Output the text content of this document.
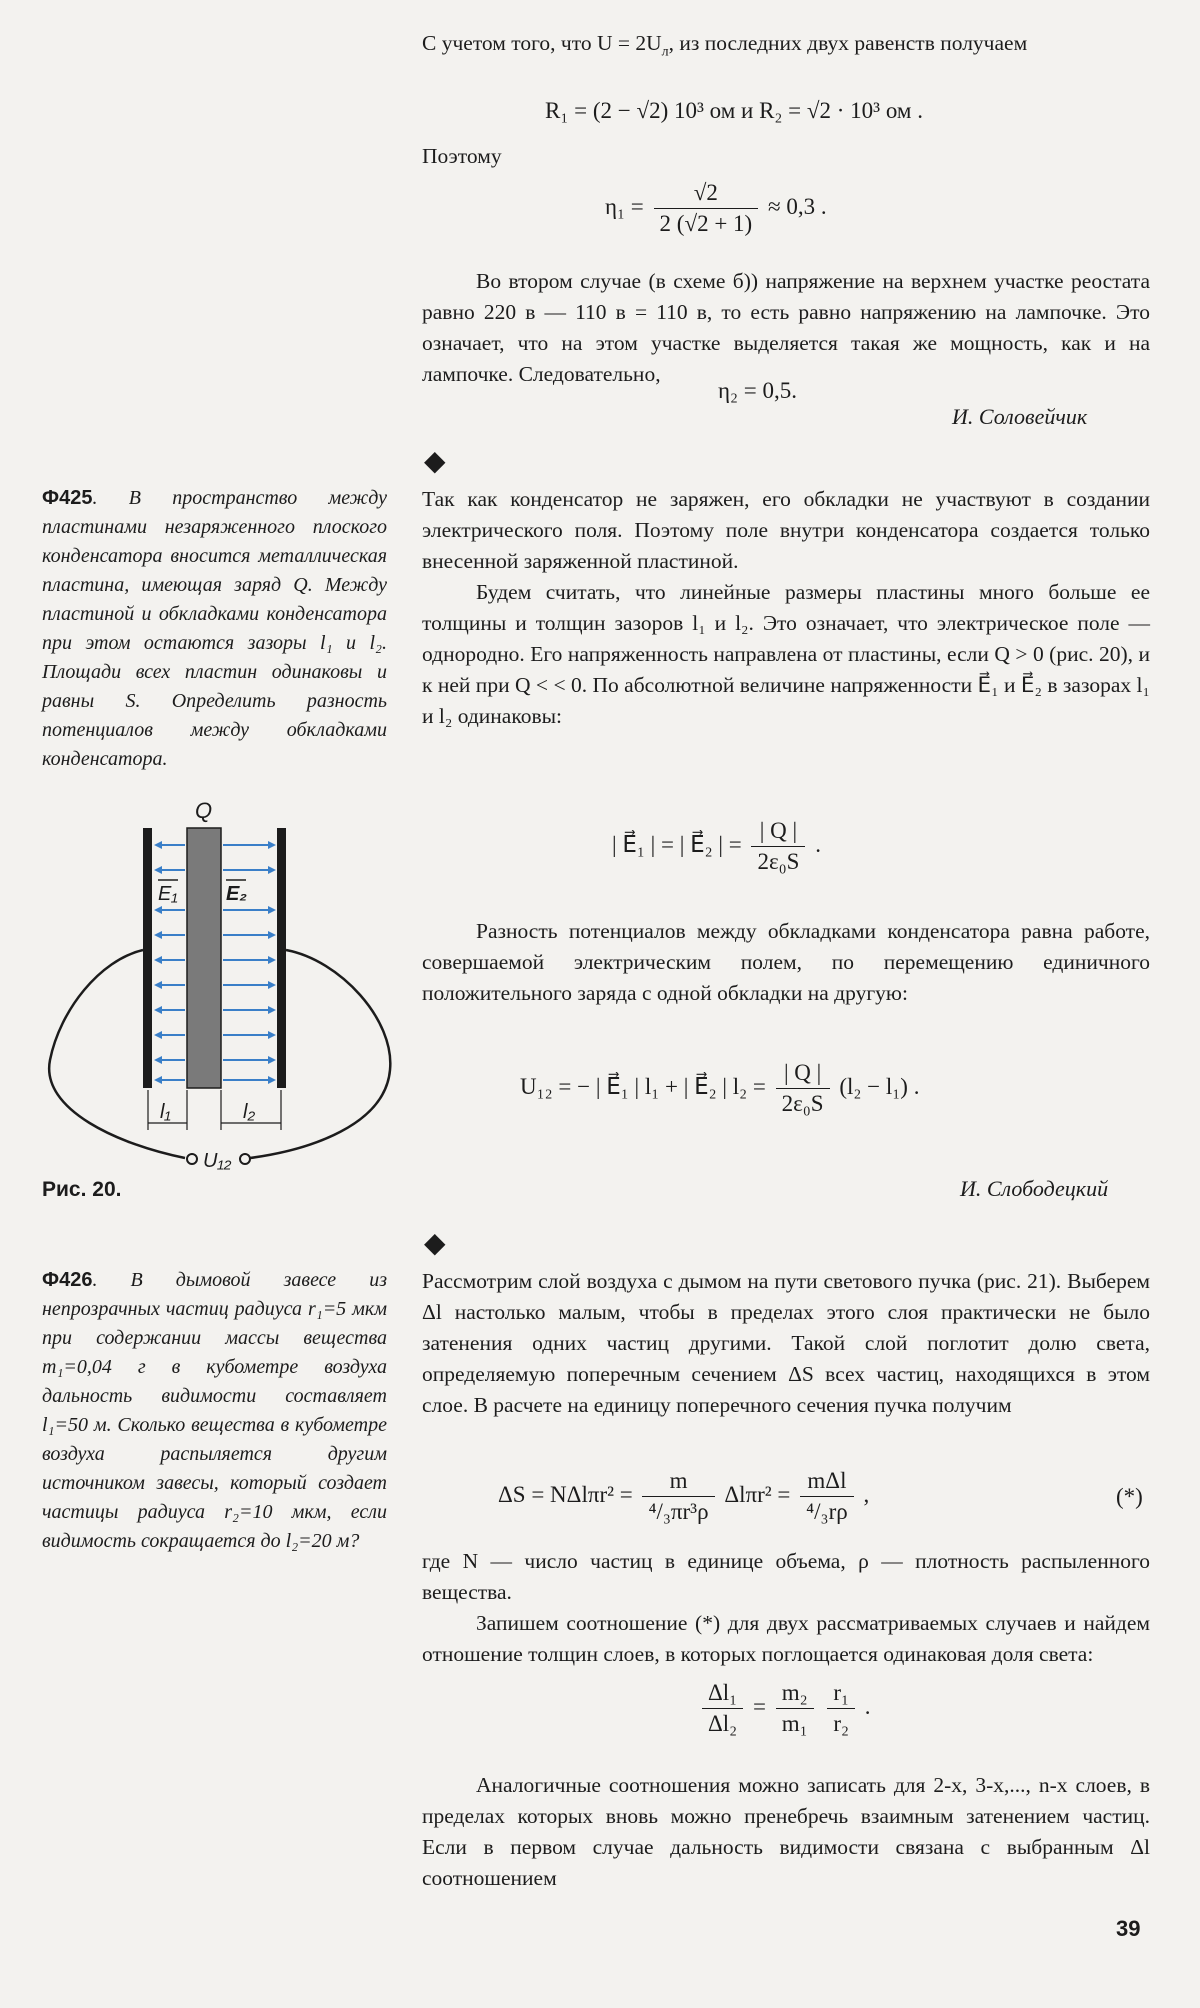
С учетом того, что $U = 2U_л$, из последних двух равенств получаем

R₁ = (2 − √2) 10³ ом и R₂ = √2 · 10³ ом .

Поэтому

$\eta_1 = \frac{√2}{2 (√2 + 1)} \approx 0,3$ .

Во втором случае (в схеме б)) напряжение на верхнем участке реостата равно 220 в — 110 в = 110 в, то есть равно напряжению на лампочке. Это означает, что на этом участке выделяется такая же мощность, как и на лампочке. Следовательно,

η₂ = 0,5.
И. Соловейчик
◆
Ф425. В пространство между пластинами незаряженного плоского конденсатора вносится металлическая пластина, имеющая заряд Q. Между пластиной и обкладками конденсатора при этом остаются зазоры l₁ и l₂. Площади всех пластин одинаковы и равны S. Определить разность потенциалов между обкладками конденсатора.

Так как конденсатор не заряжен, его обкладки не участвуют в создании электрического поля. Поэтому поле внутри конденсатора создается только внесенной заряженной пластиной.

Будем считать, что линейные размеры пластины много больше ее толщины и толщин зазоров l₁ и l₂. Это означает, что электрическое поле — однородно. Его напряженность направлена от пластины, если Q > 0 (рис. 20), и к ней при Q < < 0. По абсолютной величине напряженности E⃗₁ и E⃗₂ в зазорах l₁ и l₂ одинаковы:

| E⃗₁ | = | E⃗₂ | = $\frac{| Q |}{\text{2ε₀S}}$ .

Разность потенциалов между обкладками конденсатора равна работе, совершаемой электрическим полем, по перемещению единичного положительного заряда с одной обкладки на другую:

U₁₂ = − | E⃗₁ | l₁ + | E⃗₂ | $l_2 = \frac{| Q |}{\text{2ε₀S}} (l_2 - l_1)$ .
И. Слободецкий
Q
E₁ E₂
U₁₂
l₁	l₂
Рис. 20.
◆
Ф426. В дымовой завесе из непрозрачных частиц радиуса r₁=5 мкм при содержании массы вещества m₁=0,04 г в кубометре воздуха дальность видимости составляет l₁=50 м. Сколько вещества в кубометре воздуха распыляется другим источником завесы, который создает частицы радиуса r₂=10 мкм, если видимость сокращается до l₂=20 м?

Рассмотрим слой воздуха с дымом на пути светового пучка (рис. 21). Выберем Δl настолько малым, чтобы в пределах этого слоя практически не было затенения одних частиц другими. Такой слой поглотит долю света, определяемую поперечным сечением ΔS всех частиц, находящихся в этом слое. В расчете на единицу поперечного сечения пучка получим

$\Delta S = N\Delta l\pi r^2 = \frac{m}{\text{⁴/₃πr³ρ}} \Delta l\pi r^2 = \frac{\text{mΔl}}{\text{⁴/₃rρ}}$ ,	(*)

где N — число частиц в единице объема, ρ — плотность распыленного вещества.

Запишем соотношение (*) для двух рассматриваемых случаев и найдем отношение толщин слоев, в которых поглощается одинаковая доля света:

$\frac{\text{Δl₁}}{\text{Δl₂}} = \frac{\text{m₂}}{\text{m₁}}$
$\frac{\text{r₁}}{\text{r₂}}$ .

Аналогичные соотношения можно записать для 2-х, 3-х,..., n-х слоев, в пределах которых вновь можно пренебречь взаимным затенением частиц. Если в первом случае дальность видимости связана с выбранным Δl соотношением

39
